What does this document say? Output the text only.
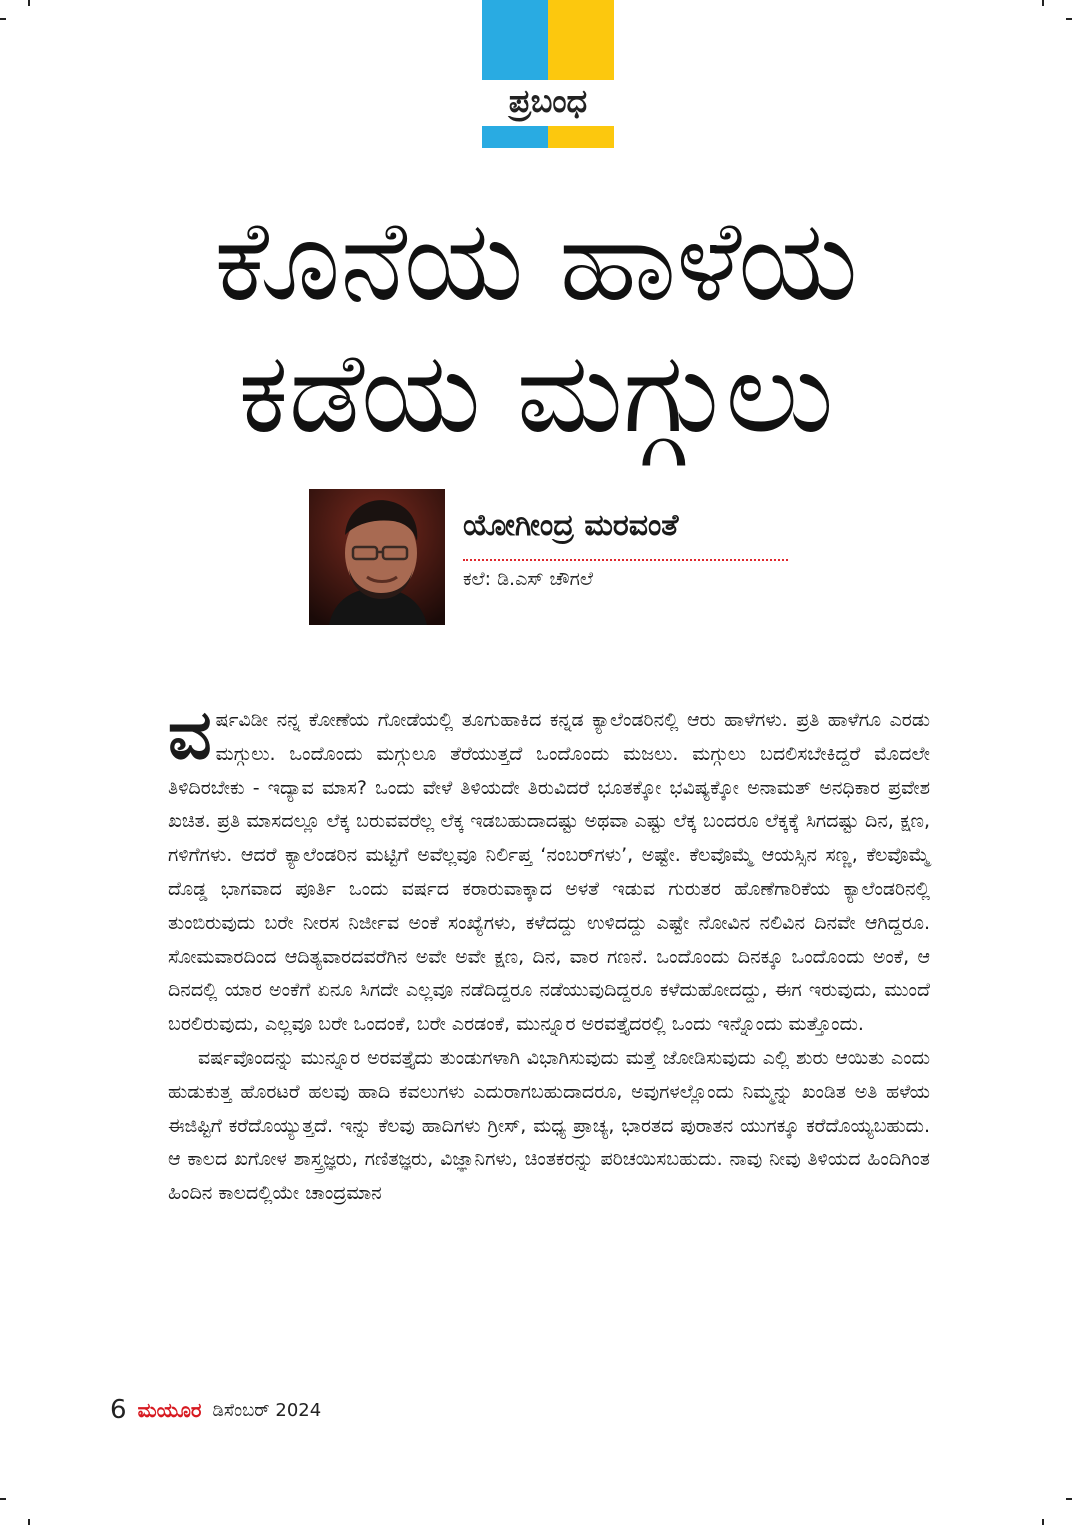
ಪ್ರಬಂಧ
ಕೊನೆಯ ಹಾಳೆಯ
ಕಡೆಯ ಮಗ್ಗುಲು
ಯೋಗೀಂದ್ರ ಮರವಂತೆ
ಕಲೆ: ಡಿ.ಎಸ್‌ ಚೌಗಲೆ

ವರ್ಷವಿಡೀ ನನ್ನ ಕೋಣೆಯ ಗೋಡೆಯಲ್ಲಿ ತೂಗುಹಾಕಿದ ಕನ್ನಡ ಕ್ಯಾಲೆಂಡರಿನಲ್ಲಿ ಆರು ಹಾಳೆಗಳು. ಪ್ರತಿ ಹಾಳೆಗೂ ಎರಡು ಮಗ್ಗುಲು. ಒಂದೊಂದು ಮಗ್ಗುಲೂ ತೆರೆಯುತ್ತದೆ ಒಂದೊಂದು ಮಜಲು. ಮಗ್ಗುಲು ಬದಲಿಸಬೇಕಿದ್ದರೆ ಮೊದಲೇ ತಿಳಿದಿರಬೇಕು - ಇದ್ಯಾವ ಮಾಸ? ಒಂದು ವೇಳೆ ತಿಳಿಯದೇ ತಿರುವಿದರೆ ಭೂತಕ್ಕೋ ಭವಿಷ್ಯಕ್ಕೋ ಅನಾಮತ್ ಅನಧಿಕಾರ ಪ್ರವೇಶ ಖಚಿತ. ಪ್ರತಿ ಮಾಸದಲ್ಲೂ ಲೆಕ್ಕ ಬರುವವರೆಲ್ಲ ಲೆಕ್ಕ ಇಡಬಹುದಾದಷ್ಟು ಅಥವಾ ಎಷ್ಟು ಲೆಕ್ಕ ಬಂದರೂ ಲೆಕ್ಕಕ್ಕೆ ಸಿಗದಷ್ಟು ದಿನ, ಕ್ಷಣ, ಗಳಿಗೆಗಳು. ಆದರೆ ಕ್ಯಾಲೆಂಡರಿನ ಮಟ್ಟಿಗೆ ಅವೆಲ್ಲವೂ ನಿರ್ಲಿಪ್ತ ‘ನಂಬರ್‌ಗಳು’, ಅಷ್ಟೇ. ಕೆಲವೊಮ್ಮೆ ಆಯಸ್ಸಿನ ಸಣ್ಣ, ಕೆಲವೊಮ್ಮೆ ದೊಡ್ಡ ಭಾಗವಾದ ಪೂರ್ತಿ ಒಂದು ವರ್ಷದ ಕರಾರುವಾಕ್ಕಾದ ಅಳತೆ ಇಡುವ ಗುರುತರ ಹೊಣೆಗಾರಿಕೆಯ ಕ್ಯಾಲೆಂಡರಿನಲ್ಲಿ ತುಂಬಿರುವುದು ಬರೇ ನೀರಸ ನಿರ್ಜೀವ ಅಂಕೆ ಸಂಖ್ಯೆಗಳು, ಕಳೆದದ್ದು ಉಳಿದದ್ದು ಎಷ್ಟೇ ನೋವಿನ ನಲಿವಿನ ದಿನವೇ ಆಗಿದ್ದರೂ. ಸೋಮವಾರದಿಂದ ಆದಿತ್ಯವಾರದವರೆಗಿನ ಅವೇ ಅವೇ ಕ್ಷಣ, ದಿನ, ವಾರ ಗಣನೆ. ಒಂದೊಂದು ದಿನಕ್ಕೂ ಒಂದೊಂದು ಅಂಕೆ, ಆ ದಿನದಲ್ಲಿ ಯಾರ ಅಂಕೆಗೆ ಏನೂ ಸಿಗದೇ ಎಲ್ಲವೂ ನಡೆದಿದ್ದರೂ ನಡೆಯುವುದಿದ್ದರೂ ಕಳೆದುಹೋದದ್ದು, ಈಗ ಇರುವುದು, ಮುಂದೆ ಬರಲಿರುವುದು, ಎಲ್ಲವೂ ಬರೇ ಒಂದಂಕೆ, ಬರೇ ಎರಡಂಕೆ, ಮುನ್ನೂರ ಅರವತ್ತೈದರಲ್ಲಿ ಒಂದು ಇನ್ನೊಂದು ಮತ್ತೊಂದು.

ವರ್ಷವೊಂದನ್ನು ಮುನ್ನೂರ ಅರವತ್ತೈದು ತುಂಡುಗಳಾಗಿ ವಿಭಾಗಿಸುವುದು ಮತ್ತೆ ಜೋಡಿಸುವುದು ಎಲ್ಲಿ ಶುರು ಆಯಿತು ಎಂದು ಹುಡುಕುತ್ತ ಹೊರಟರೆ ಹಲವು ಹಾದಿ ಕವಲುಗಳು ಎದುರಾಗಬಹುದಾದರೂ, ಅವುಗಳಲ್ಲೊಂದು ನಿಮ್ಮನ್ನು ಖಂಡಿತ ಅತಿ ಹಳೆಯ ಈಜಿಪ್ಟಿಗೆ ಕರೆದೊಯ್ಯುತ್ತದೆ. ಇನ್ನು ಕೆಲವು ಹಾದಿಗಳು ಗ್ರೀಸ್, ಮಧ್ಯ ಪ್ರಾಚ್ಯ, ಭಾರತದ ಪುರಾತನ ಯುಗಕ್ಕೂ ಕರೆದೊಯ್ಯಬಹುದು. ಆ ಕಾಲದ ಖಗೋಳ ಶಾಸ್ತ್ರಜ್ಞರು, ಗಣಿತಜ್ಞರು, ವಿಜ್ಞಾನಿಗಳು, ಚಿಂತಕರನ್ನು ಪರಿಚಯಿಸಬಹುದು. ನಾವು ನೀವು ತಿಳಿಯದ ಹಿಂದಿಗಿಂತ ಹಿಂದಿನ ಕಾಲದಲ್ಲಿಯೇ ಚಾಂದ್ರಮಾನ

6 ಮಯೂರ ಡಿಸೆಂಬರ್ 2024
